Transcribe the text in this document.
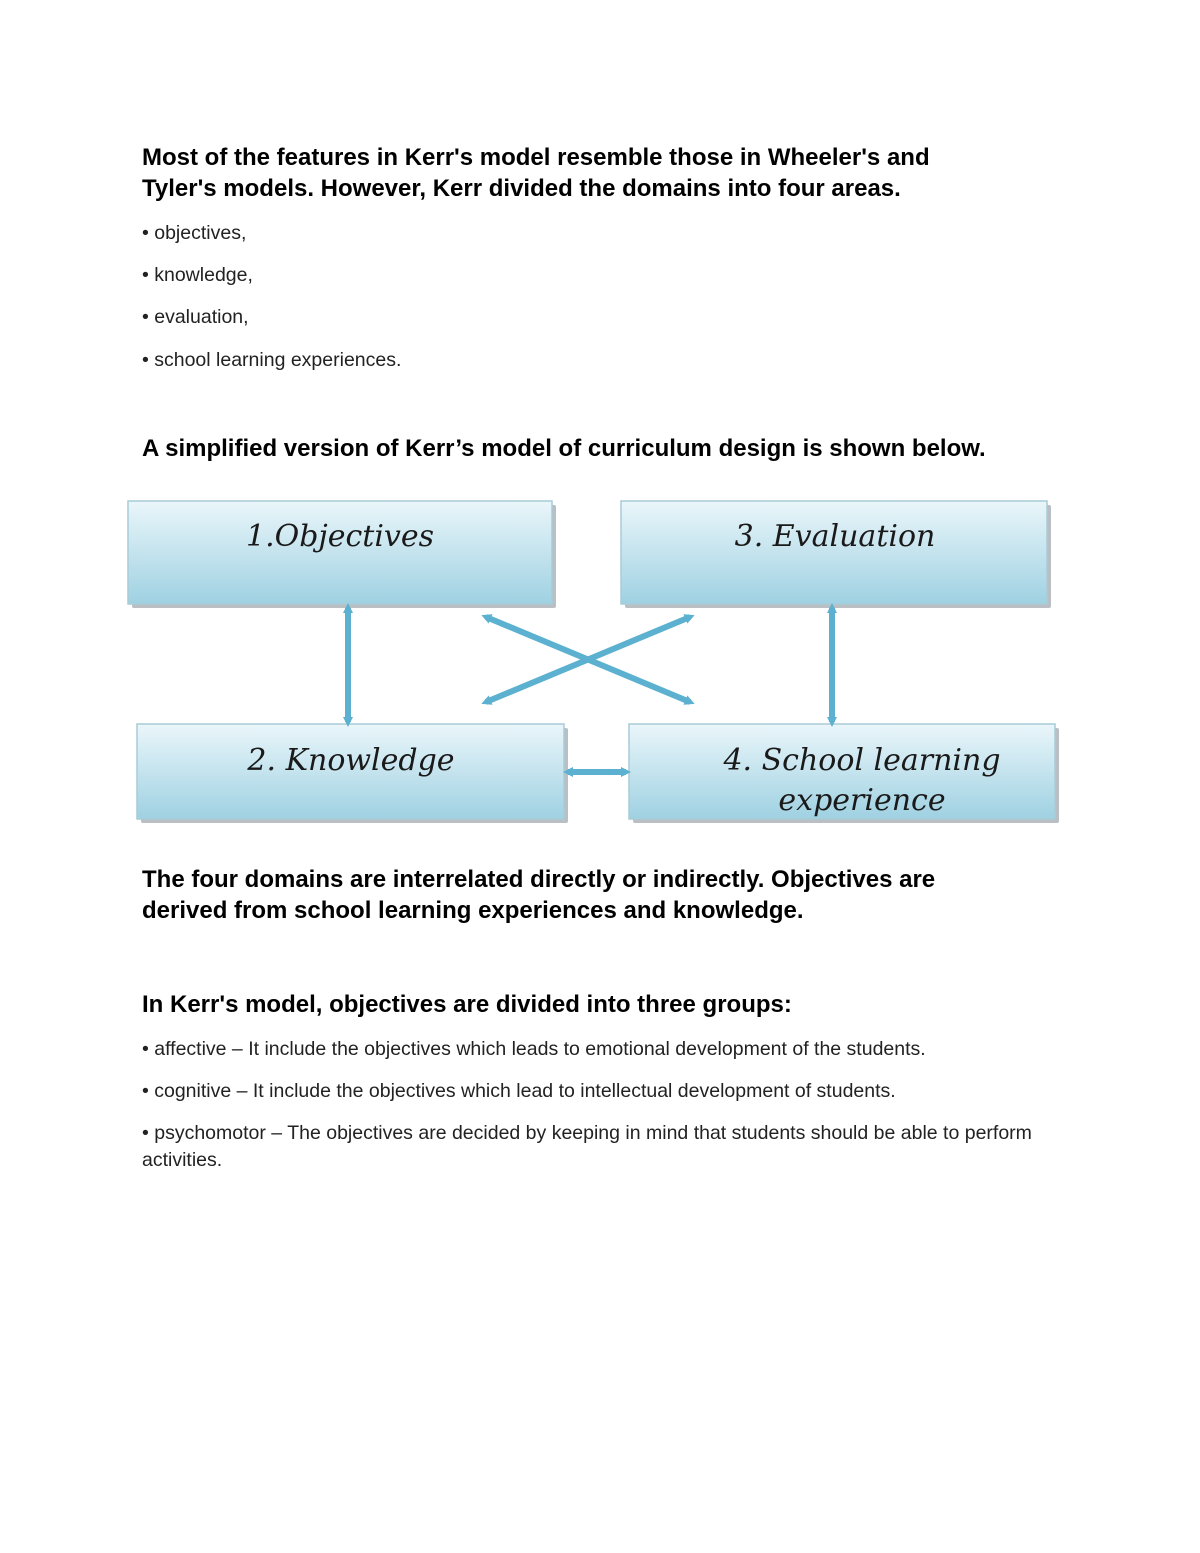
Most of the features in Kerr's model resemble those in Wheeler's and

Tyler's models. However, Kerr divided the domains into four areas.

• objectives,

• knowledge,

• evaluation,

• school learning experiences.

A simplified version of Kerr’s model of curriculum design is shown below.

1.Objectives	3. Evaluation
2. Knowledge	4. School learning
experience

The four domains are interrelated directly or indirectly. Objectives are

derived from school learning experiences and knowledge.

In Kerr's model, objectives are divided into three groups:

• affective – It include the objectives which leads to emotional development of the students.

• cognitive – It include the objectives which lead to intellectual development of students.

• psychomotor – The objectives are decided by keeping in mind that students should be able to perform activities.
